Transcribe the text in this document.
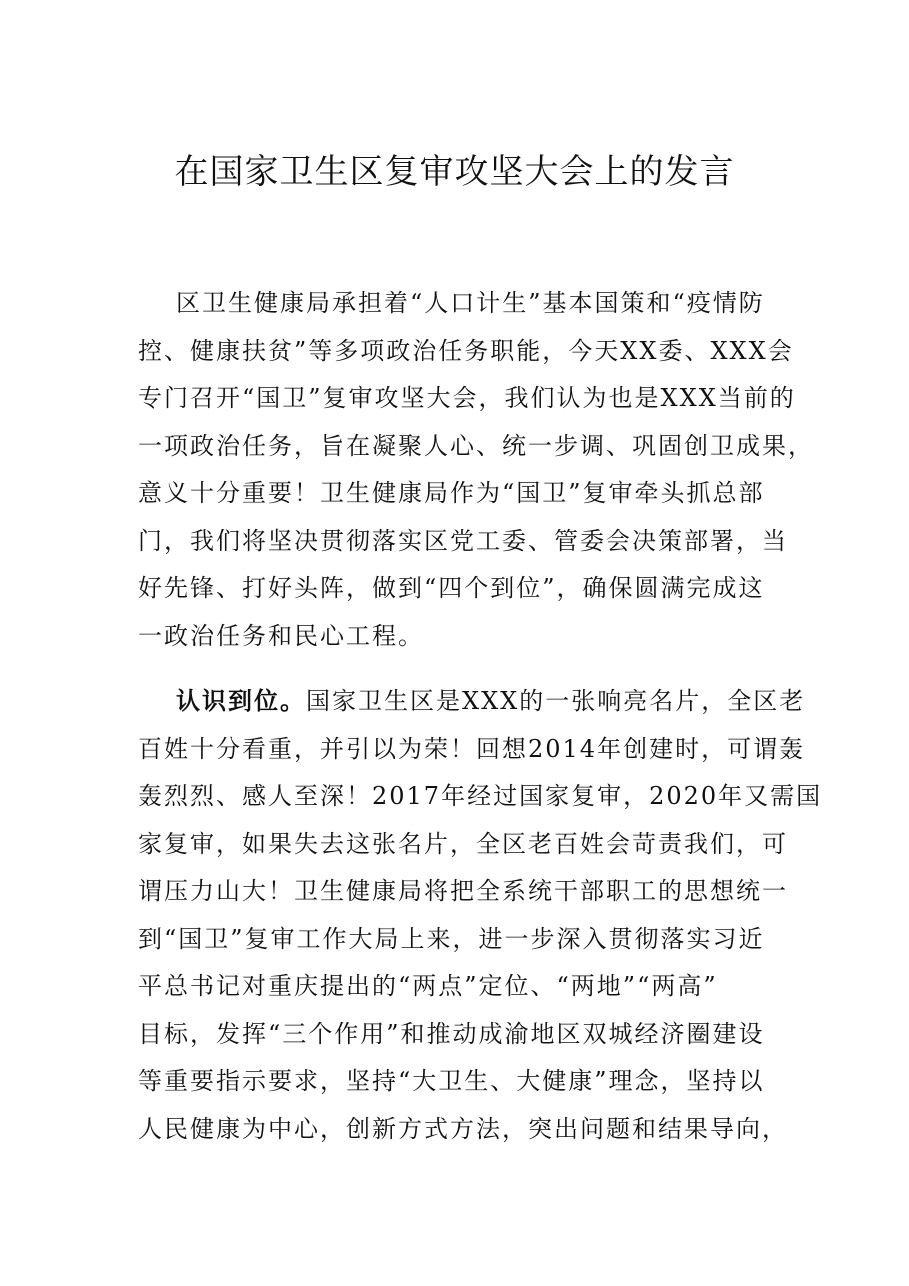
在国家卫生区复审攻坚大会上的发言
区卫生健康局承担着“人口计生”基本国策和“疫情防
控、健康扶贫”等多项政治任务职能，今天XX委、XXX会
专门召开“国卫”复审攻坚大会，我们认为也是XXX当前的
一项政治任务，旨在凝聚人心、统一步调、巩固创卫成果，
意义十分重要！卫生健康局作为“国卫”复审牵头抓总部
门，我们将坚决贯彻落实区党工委、管委会决策部署，当
好先锋、打好头阵，做到“四个到位”，确保圆满完成这
一政治任务和民心工程。
认识到位。国家卫生区是XXX的一张响亮名片，全区老
百姓十分看重，并引以为荣！回想2014年创建时，可谓轰
轰烈烈、感人至深！2017年经过国家复审，2020年又需国
家复审，如果失去这张名片，全区老百姓会苛责我们，可
谓压力山大！卫生健康局将把全系统干部职工的思想统一
到“国卫”复审工作大局上来，进一步深入贯彻落实习近
平总书记对重庆提出的“两点”定位、“两地”“两高”
目标，发挥“三个作用”和推动成渝地区双城经济圈建设
等重要指示要求，坚持“大卫生、大健康”理念，坚持以
人民健康为中心，创新方式方法，突出问题和结果导向，
